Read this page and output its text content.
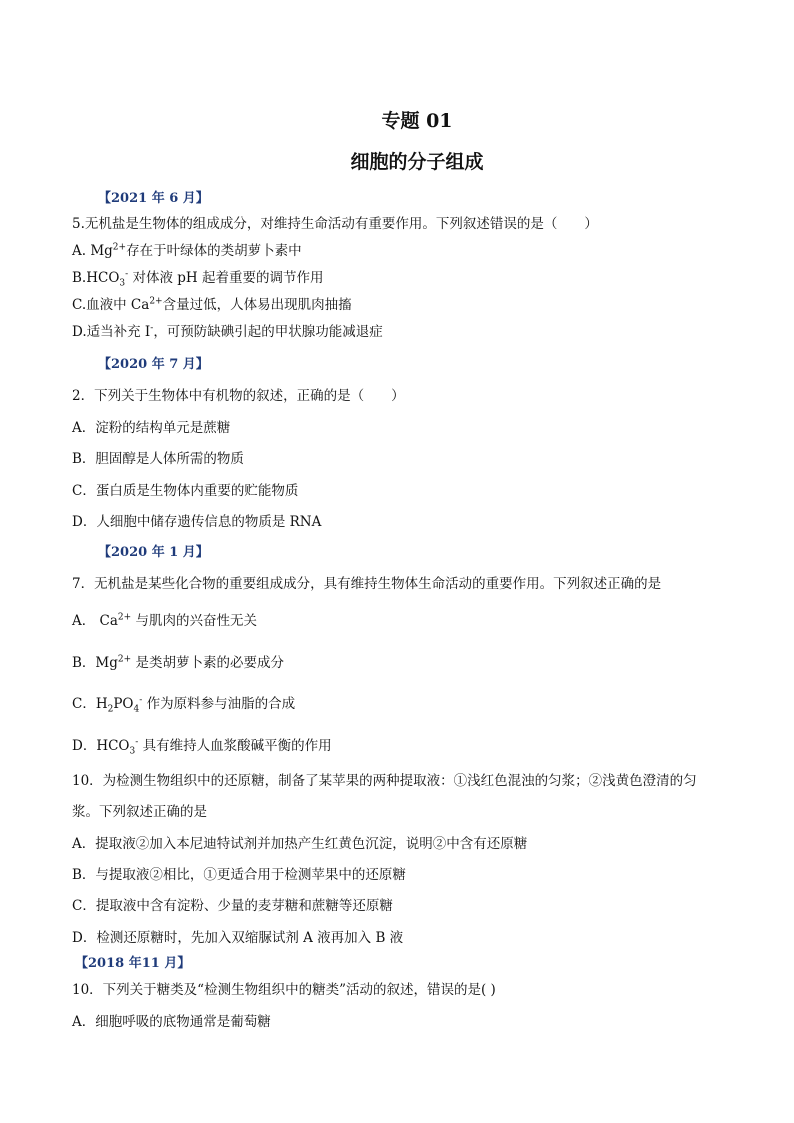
专题 01
细胞的分子组成
【2021 年 6 月】
5.无机盐是生物体的组成成分，对维持生命活动有重要作用。下列叙述错误的是（　　）
A. $Mg^{2+}$存在于叶绿体的类胡萝卜素中
$B.HCO_3^-$ 对体液 pH 起着重要的调节作用
C.血液中 $Ca^{2+}$含量过低，人体易出现肌肉抽搐
D.适当补充 I-，可预防缺碘引起的甲状腺功能减退症
【2020 年 7 月】
2．下列关于生物体中有机物的叙述，正确的是（　　）
A．淀粉的结构单元是蔗糖
B．胆固醇是人体所需的物质
C．蛋白质是生物体内重要的贮能物质
D．人细胞中储存遗传信息的物质是 RNA
【2020 年 1 月】
7．无机盐是某些化合物的重要组成成分，具有维持生物体生命活动的重要作用。下列叙述正确的是
A． $Ca^{2+}$ 与肌肉的兴奋性无关
B．$Mg^{2+}$ 是类胡萝卜素的必要成分
C．$H_2PO_4^-$ 作为原料参与油脂的合成
D．$HCO_3^-$ 具有维持人血浆酸碱平衡的作用
10．为检测生物组织中的还原糖，制备了某苹果的两种提取液：①浅红色混浊的匀浆；②浅黄色澄清的匀
浆。下列叙述正确的是
A．提取液②加入本尼迪特试剂并加热产生红黄色沉淀，说明②中含有还原糖
B．与提取液②相比，①更适合用于检测苹果中的还原糖
C．提取液中含有淀粉、少量的麦芽糖和蔗糖等还原糖
D．检测还原糖时，先加入双缩脲试剂 A 液再加入 B 液
【2018 年11 月】
10．下列关于糖类及“检测生物组织中的糖类”活动的叙述，错误的是( )
A．细胞呼吸的底物通常是葡萄糖
